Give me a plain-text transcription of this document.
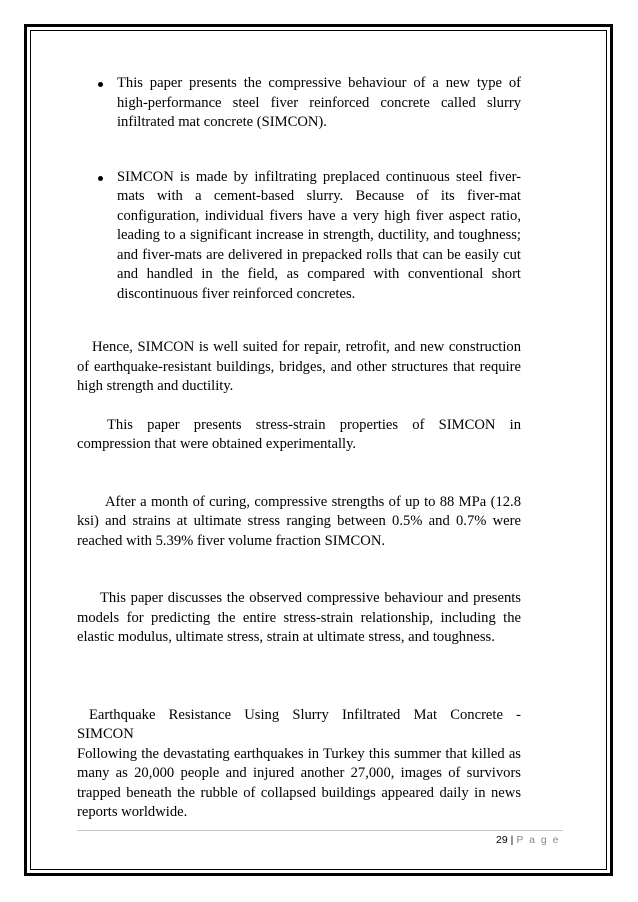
This paper presents the compressive behaviour of a new type of high-performance steel fiver reinforced concrete called slurry infiltrated mat concrete (SIMCON).
SIMCON is made by infiltrating preplaced continuous steel fiver-mats with a cement-based slurry. Because of its fiver-mat configuration, individual fivers have a very high fiver aspect ratio, leading to a significant increase in strength, ductility, and toughness; and fiver-mats are delivered in prepacked rolls that can be easily cut and handled in the field, as compared with conventional short discontinuous fiver reinforced concretes.

Hence, SIMCON is well suited for repair, retrofit, and new construction of earthquake-resistant buildings, bridges, and other structures that require high strength and ductility.

This paper presents stress-strain properties of SIMCON in compression that were obtained experimentally.

After a month of curing, compressive strengths of up to 88 MPa (12.8 ksi) and strains at ultimate stress ranging between 0.5% and 0.7% were reached with 5.39% fiver volume fraction SIMCON.

This paper discusses the observed compressive behaviour and presents models for predicting the entire stress-strain relationship, including the elastic modulus, ultimate stress, strain at ultimate stress, and toughness.

Earthquake Resistance Using Slurry Infiltrated Mat Concrete -
SIMCON

Following the devastating earthquakes in Turkey this summer that killed as many as 20,000 people and injured another 27,000, images of survivors trapped beneath the rubble of collapsed buildings appeared daily in news reports worldwide.

29 | P a g e
